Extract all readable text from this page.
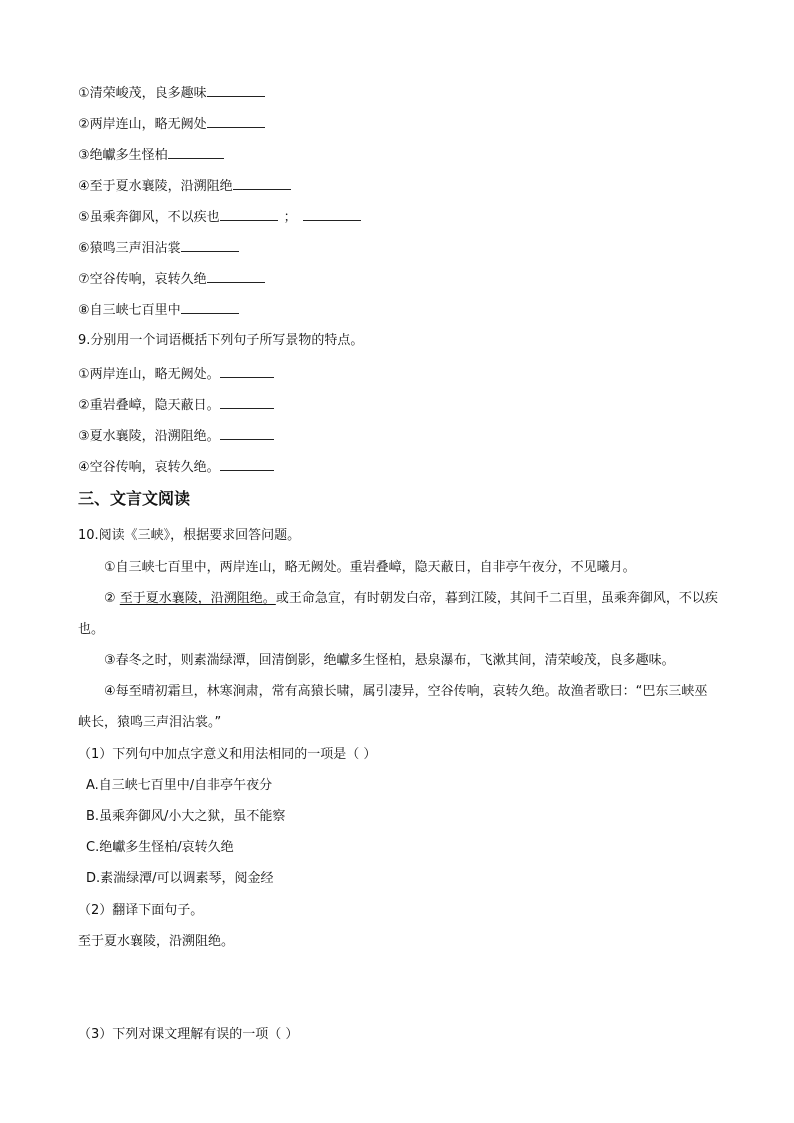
①清荣峻茂，良多趣味
②两岸连山，略无阙处
③绝巘多生怪柏
④至于夏水襄陵，沿溯阻绝
⑤虽乘奔御风，不以疾也	；
⑥猿鸣三声泪沾裳
⑦空谷传响，哀转久绝
⑧自三峡七百里中
9.分别用一个词语概括下列句子所写景物的特点。
①两岸连山，略无阙处。
②重岩叠嶂，隐天蔽日。
③夏水襄陵，沿溯阻绝。
④空谷传响，哀转久绝。
三、文言文阅读
10.阅读《三峡》，根据要求回答问题。
①自三峡七百里中，两岸连山，略无阙处。重岩叠嶂，隐天蔽日，自非亭午夜分，不见曦月。
② 至于夏水襄陵，沿溯阻绝。或王命急宣，有时朝发白帝，暮到江陵，其间千二百里，虽乘奔御风，不以疾也。
③春冬之时，则素湍绿潭，回清倒影，绝巘多生怪柏，悬泉瀑布，飞漱其间，清荣峻茂，良多趣味。
④每至晴初霜旦，林寒涧肃，常有高猿长啸，属引凄异，空谷传响，哀转久绝。故渔者歌曰：“巴东三峡巫峡长，猿鸣三声泪沾裳。”
（1）下列句中加点字意义和用法相同的一项是（ ）
A.自三峡七百里中/自非亭午夜分
B.虽乘奔御风/小大之狱，虽不能察
C.绝巘多生怪柏/哀转久绝
D.素湍绿潭/可以调素琴，阅金经
（2）翻译下面句子。
至于夏水襄陵，沿溯阻绝。
（3）下列对课文理解有误的一项（ ）
